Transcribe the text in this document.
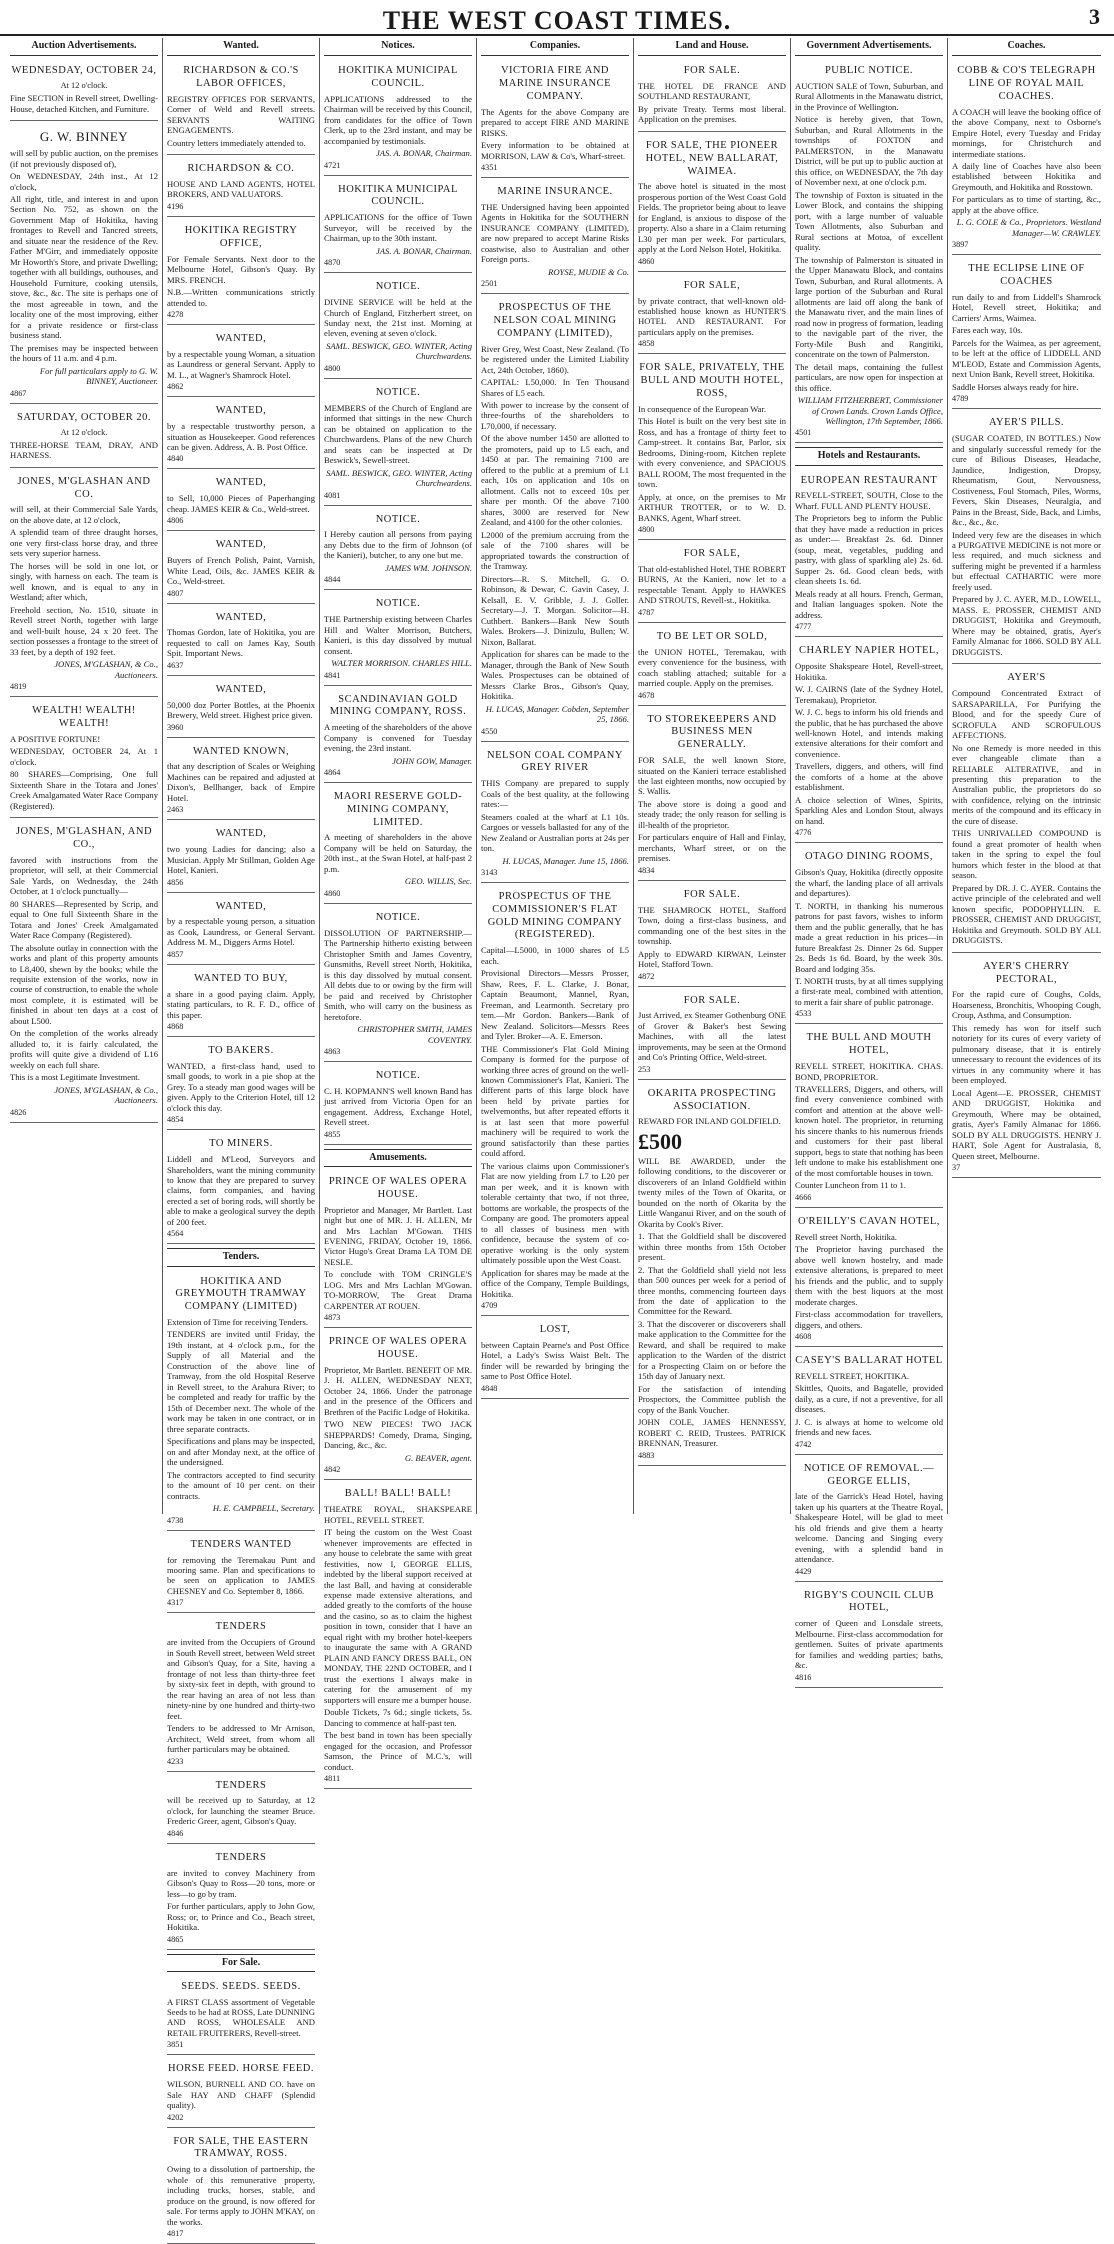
THE WEST COAST TIMES.	3
Auction Advertisements.
WEDNESDAY, OCTOBER 24,
At 12 o'clock.

Fine SECTION in Revell street, Dwelling-House, detached Kitchen, and Furniture.

G. W. BINNEY

will sell by public auction, on the premises (if not previously disposed of),

On WEDNESDAY, 24th inst., At 12 o'clock,

All right, title, and interest in and upon Section No. 752, as shown on the Government Map of Hokitika, having frontages to Revell and Tancred streets, and situate near the residence of the Rev. Father M'Girr, and immediately opposite Mr Howorth's Store, and private Dwelling; together with all buildings, outhouses, and Household Furniture, cooking utensils, stove, &c., &c. The site is perhaps one of the most agreeable in town, and the locality one of the most improving, either for a private residence or first-class business stand.

The premises may be inspected between the hours of 11 a.m. and 4 p.m.

For full particulars apply to G. W. BINNEY, Auctioneer.
4867
SATURDAY, OCTOBER 20.
At 12 o'clock.

THREE-HORSE TEAM, DRAY, AND HARNESS.

JONES, M'GLASHAN AND CO.

will sell, at their Commercial Sale Yards, on the above date, at 12 o'clock,

A splendid team of three draught horses, one very first-class horse dray, and three sets very superior harness.

The horses will be sold in one lot, or singly, with harness on each. The team is well known, and is equal to any in Westland; after which,

Freehold section, No. 1510, situate in Revell street North, together with large and well-built house, 24 x 20 feet. The section possesses a frontage to the street of 33 feet, by a depth of 192 feet.

JONES, M'GLASHAN, & Co., Auctioneers.
4819
WEALTH! WEALTH! WEALTH!

A POSITIVE FORTUNE!

WEDNESDAY, OCTOBER 24, At 1 o'clock.

80 SHARES—Comprising, One full Sixteenth Share in the Totara and Jones' Creek Amalgamated Water Race Company (Registered).

JONES, M'GLASHAN, AND CO.,

favored with instructions from the proprietor, will sell, at their Commercial Sale Yards, on Wednesday, the 24th October, at 1 o'clock punctually—

80 SHARES—Represented by Scrip, and equal to One full Sixteenth Share in the Totara and Jones' Creek Amalgamated Water Race Company (Registered).

The absolute outlay in connection with the works and plant of this property amounts to L8,400, shewn by the books; while the requisite extension of the works, now in course of construction, to enable the whole most complete, it is estimated will be finished in about ten days at a cost of about L500.

On the completion of the works already alluded to, it is fairly calculated, the profits will quite give a dividend of L16 weekly on each full share.

This is a most Legitimate Investment.

JONES, M'GLASHAN, & Co., Auctioneers.
4826
Wanted.
RICHARDSON & CO.'S LABOR OFFICES,

REGISTRY OFFICES FOR SERVANTS, Corner of Weld and Revell streets. SERVANTS WAITING ENGAGEMENTS.

Country letters immediately attended to.

RICHARDSON & CO.

HOUSE AND LAND AGENTS, HOTEL BROKERS, AND VALUATORS.

4196
HOKITIKA REGISTRY OFFICE,

For Female Servants. Next door to the Melbourne Hotel, Gibson's Quay. By MRS. FRENCH.

N.B.—Written communications strictly attended to.

4278
WANTED,

by a respectable young Woman, a situation as Laundress or general Servant. Apply to M. L., at Wagner's Shamrock Hotel.

4862
WANTED,

by a respectable trustworthy person, a situation as Housekeeper. Good references can be given. Address, A. B. Post Office.

4840
WANTED,

to Sell, 10,000 Pieces of Paperhanging cheap. JAMES KEIR & Co., Weld-street.

4806
WANTED,

Buyers of French Polish, Paint, Varnish, White Lead, Oils, &c. JAMES KEIR & Co., Weld-street.

4807
WANTED,

Thomas Gordon, late of Hokitika, you are requested to call on James Kay, South Spit. Important News.

4637
WANTED,

50,000 doz Porter Bottles, at the Phoenix Brewery, Weld street. Highest price given.

3960
WANTED KNOWN,

that any description of Scales or Weighing Machines can be repaired and adjusted at Dixon's, Bellhanger, back of Empire Hotel.

2463
WANTED,

two young Ladies for dancing; also a Musician. Apply Mr Stillman, Golden Age Hotel, Kanieri.

4856
WANTED,

by a respectable young person, a situation as Cook, Laundress, or General Servant. Address M. M., Diggers Arms Hotel.

4857
WANTED TO BUY,

a share in a good paying claim. Apply, stating particulars, to R. F. D., office of this paper.

4868
TO BAKERS.

WANTED, a first-class hand, used to small goods, to work in a pie shop at the Grey. To a steady man good wages will be given. Apply to the Criterion Hotel, till 12 o'clock this day.

4854
TO MINERS.

Liddell and M'Leod, Surveyors and Shareholders, want the mining community to know that they are prepared to survey claims, form companies, and having erected a set of boring rods, will shortly be able to make a geological survey the depth of 200 feet.

4564
Tenders.
HOKITIKA AND GREYMOUTH TRAMWAY COMPANY (LIMITED)

Extension of Time for receiving Tenders.

TENDERS are invited until Friday, the 19th instant, at 4 o'clock p.m., for the Supply of all Material and the Construction of the above line of Tramway, from the old Hospital Reserve in Revell street, to the Arahura River; to be completed and ready for traffic by the 15th of December next. The whole of the work may be taken in one contract, or in three separate contracts.

Specifications and plans may be inspected, on and after Monday next, at the office of the undersigned.

The contractors accepted to find security to the amount of 10 per cent. on their contracts.

H. E. CAMPBELL, Secretary.
4738
TENDERS WANTED

for removing the Teremakau Punt and mooring same. Plan and specifications to be seen on application to JAMES CHESNEY and Co. September 8, 1866.

4317
TENDERS

are invited from the Occupiers of Ground in South Revell street, between Weld street and Gibson's Quay, for a Site, having a frontage of not less than thirty-three feet by sixty-six feet in depth, with ground to the rear having an area of not less than ninety-nine by one hundred and thirty-two feet.

Tenders to be addressed to Mr Arnison, Architect, Weld street, from whom all further particulars may be obtained.

4233
TENDERS

will be received up to Saturday, at 12 o'clock, for launching the steamer Bruce. Frederic Greer, agent, Gibson's Quay.

4846
TENDERS

are invited to convey Machinery from Gibson's Quay to Ross—20 tons, more or less—to go by tram.

For further particulars, apply to John Gow, Ross; or, to Prince and Co., Beach street, Hokitika.

4865
For Sale.
SEEDS. SEEDS. SEEDS.

A FIRST CLASS assortment of Vegetable Seeds to be had at ROSS, Late DUNNING AND ROSS, WHOLESALE AND RETAIL FRUITERERS, Revell-street.

3851
HORSE FEED. HORSE FEED.

WILSON, BURNELL AND CO. have on Sale HAY AND CHAFF (Splendid quality).

4202
FOR SALE, THE EASTERN TRAMWAY, ROSS.

Owing to a dissolution of partnership, the whole of this remunerative property, including trucks, horses, stable, and produce on the ground, is now offered for sale. For terms apply to JOHN M'KAY, on the works.

4817
Notices.
HOKITIKA MUNICIPAL COUNCIL.

APPLICATIONS addressed to the Chairman will be received by this Council, from candidates for the office of Town Clerk, up to the 23rd instant, and may be accompanied by testimonials.

JAS. A. BONAR, Chairman.
4721
HOKITIKA MUNICIPAL COUNCIL.

APPLICATIONS for the office of Town Surveyor, will be received by the Chairman, up to the 30th instant.

JAS. A. BONAR, Chairman.
4870
NOTICE.

DIVINE SERVICE will be held at the Church of England, Fitzherbert street, on Sunday next, the 21st inst. Morning at eleven, evening at seven o'clock.

SAML. BESWICK, GEO. WINTER, Acting Churchwardens.
4800
NOTICE.

MEMBERS of the Church of England are informed that sittings in the new Church can be obtained on application to the Churchwardens. Plans of the new Church and seats can be inspected at Dr Beswick's, Sewell-street.

SAML. BESWICK, GEO. WINTER, Acting Churchwardens.
4081
NOTICE.

I Hereby caution all persons from paying any Debts due to the firm of Johnson (of the Kanieri), butcher, to any one but me.

JAMES WM. JOHNSON.
4844
NOTICE.

THE Partnership existing between Charles Hill and Walter Morrison, Butchers, Kanieri, is this day dissolved by mutual consent.

WALTER MORRISON. CHARLES HILL.
4841
SCANDINAVIAN GOLD MINING COMPANY, ROSS.

A meeting of the shareholders of the above Company is convened for Tuesday evening, the 23rd instant.

JOHN GOW, Manager.
4864
MAORI RESERVE GOLD-MINING COMPANY, LIMITED.

A meeting of shareholders in the above Company will be held on Saturday, the 20th inst., at the Swan Hotel, at half-past 2 p.m.

GEO. WILLIS, Sec.
4860
NOTICE.

DISSOLUTION OF PARTNERSHIP.—The Partnership hitherto existing between Christopher Smith and James Coventry, Gunsmiths, Revell street North, Hokitika, is this day dissolved by mutual consent. All debts due to or owing by the firm will be paid and received by Christopher Smith, who will carry on the business as heretofore.

CHRISTOPHER SMITH, JAMES COVENTRY.
4863
NOTICE.

C. H. KOPMANN'S well known Band has just arrived from Victoria Open for an engagement. Address, Exchange Hotel, Revell street.

4855
Amusements.
PRINCE OF WALES OPERA HOUSE.

Proprietor and Manager, Mr Bartlett. Last night but one of MR. J. H. ALLEN, Mr and Mrs Lachlan M'Gowan. THIS EVENING, FRIDAY, October 19, 1866. Victor Hugo's Great Drama LA TOM DE NESLE.

To conclude with TOM CRINGLE'S LOG. Mrs and Mrs Lachlan M'Gowan. TO-MORROW, The Great Drama CARPENTER AT ROUEN.

4873
PRINCE OF WALES OPERA HOUSE.

Proprietor, Mr Bartlett. BENEFIT OF MR. J. H. ALLEN, WEDNESDAY NEXT, October 24, 1866. Under the patronage and in the presence of the Officers and Brethren of the Pacific Lodge of Hokitika.

TWO NEW PIECES! TWO JACK SHEPPARDS! Comedy, Drama, Singing, Dancing, &c., &c.

G. BEAVER, agent.
4842
BALL! BALL! BALL!

THEATRE ROYAL, SHAKSPEARE HOTEL, REVELL STREET.

IT being the custom on the West Coast whenever improvements are effected in any house to celebrate the same with great festivities, now I, GEORGE ELLIS, indebted by the liberal support received at the last Ball, and having at considerable expense made extensive alterations, and added greatly to the comforts of the house and the casino, so as to claim the highest position in town, consider that I have an equal right with my brother hotel-keepers to inaugurate the same with A GRAND PLAIN AND FANCY DRESS BALL, ON MONDAY, THE 22ND OCTOBER, and I trust the exertions I always make in catering for the amusement of my supporters will ensure me a bumper house.

Double Tickets, 7s 6d.; single tickets, 5s. Dancing to commence at half-past ten.

The best band in town has been specially engaged for the occasion, and Professor Samson, the Prince of M.C.'s, will conduct.

4811
Companies.
VICTORIA FIRE AND MARINE INSURANCE COMPANY.

The Agents for the above Company are prepared to accept FIRE AND MARINE RISKS.

Every information to be obtained at MORRISON, LAW & Co's, Wharf-street.

4351
MARINE INSURANCE.

THE Undersigned having been appointed Agents in Hokitika for the SOUTHERN INSURANCE COMPANY (LIMITED), are now prepared to accept Marine Risks coastwise, also to Australian and other Foreign ports.

ROYSE, MUDIE & Co.
2501
PROSPECTUS OF THE NELSON COAL MINING COMPANY (LIMITED),

River Grey, West Coast, New Zealand. (To be registered under the Limited Liability Act, 24th October, 1860).

CAPITAL: L50,000. In Ten Thousand Shares of L5 each.

With power to increase by the consent of three-fourths of the shareholders to L70,000, if necessary.

Of the above number 1450 are allotted to the promoters, paid up to L5 each, and 1450 at par. The remaining 7100 are offered to the public at a premium of L1 each, 10s on application and 10s on allotment. Calls not to exceed 10s per share per month. Of the above 7100 shares, 3000 are reserved for New Zealand, and 4100 for the other colonies.

L2000 of the premium accruing from the sale of the 7100 shares will be appropriated towards the construction of the Tramway.

Directors—R. S. Mitchell, G. O. Robinson, & Dewar, C. Gavin Casey, J. Kelsall, E. V. Gribble, J. J. Goller. Secretary—J. T. Morgan. Solicitor—H. Cuthbert. Bankers—Bank New South Wales. Brokers—J. Dinizulu, Bullen; W. Nixon, Ballarat.

Application for shares can be made to the Manager, through the Bank of New South Wales. Prospectuses can be obtained of Messrs Clarke Bros., Gibson's Quay, Hokitika.

H. LUCAS, Manager. Cobden, September 25, 1866.
4550
NELSON COAL COMPANY GREY RIVER

THIS Company are prepared to supply Coals of the best quality, at the following rates:—

Steamers coaled at the wharf at L1 10s. Cargoes or vessels ballasted for any of the New Zealand or Australian ports at 24s per ton.

H. LUCAS, Manager. June 15, 1866.
3143
PROSPECTUS OF THE COMMISSIONER'S FLAT GOLD MINING COMPANY (REGISTERED).

Capital—L5000, in 1000 shares of L5 each.

Provisional Directors—Messrs Prosser, Shaw, Rees, F. L. Clarke, J. Bonar, Captain Beaumont, Mannel, Ryan, Freeman, and Learmonth. Secretary pro tem.—Mr Gordon. Bankers—Bank of New Zealand. Solicitors—Messrs Rees and Tyler. Broker—A. E. Emerson.

THE Commissioner's Flat Gold Mining Company is formed for the purpose of working three acres of ground on the well-known Commissioner's Flat, Kanieri. The different parts of this large block have been held by private parties for twelvemonths, but after repeated efforts it is at last seen that more powerful machinery will be required to work the ground satisfactorily than these parties could afford.

The various claims upon Commissioner's Flat are now yielding from L7 to L20 per man per week, and it is known with tolerable certainty that two, if not three, bottoms are workable, the prospects of the Company are good. The promoters appeal to all classes of business men with confidence, because the system of co-operative working is the only system ultimately possible upon the West Coast.

Application for shares may be made at the office of the Company, Temple Buildings, Hokitika.

4709
LOST,

between Captain Pearne's and Post Office Hotel, a Lady's Swiss Waist Belt. The finder will be rewarded by bringing the same to Post Office Hotel.

4848
Land and House.
FOR SALE.

THE HOTEL DE FRANCE AND SOUTHLAND RESTAURANT,

By private Treaty. Terms most liberal. Application on the premises.

FOR SALE, THE PIONEER HOTEL, NEW BALLARAT, WAIMEA.

The above hotel is situated in the most prosperous portion of the West Coast Gold Fields. The proprietor being about to leave for England, is anxious to dispose of the property. Also a share in a Claim returning L30 per man per week. For particulars, apply at the Lord Nelson Hotel, Hokitika.

4860
FOR SALE,

by private contract, that well-known old-established house known as HUNTER'S HOTEL AND RESTAURANT. For particulars apply on the premises.

4858
FOR SALE, PRIVATELY, THE BULL AND MOUTH HOTEL, ROSS,

In consequence of the European War.

This Hotel is built on the very best site in Ross, and has a frontage of thirty feet to Camp-street. It contains Bar, Parlor, six Bedrooms, Dining-room, Kitchen replete with every convenience, and SPACIOUS BALL ROOM, The most frequented in the town.

Apply, at once, on the premises to Mr ARTHUR TROTTER, or to W. D. BANKS, Agent, Wharf street.

4800
FOR SALE,

That old-established Hotel, THE ROBERT BURNS, At the Kanieri, now let to a respectable Tenant. Apply to HAWKES AND STROUTS, Revell-st., Hokitika.

4787
TO BE LET OR SOLD,

the UNION HOTEL, Teremakau, with every convenience for the business, with coach stabling attached; suitable for a married couple. Apply on the premises.

4678
TO STOREKEEPERS AND BUSINESS MEN GENERALLY.

FOR SALE, the well known Store, situated on the Kanieri terrace established the last eighteen months, now occupied by S. Wallis.

The above store is doing a good and steady trade; the only reason for selling is ill-health of the proprietor.

For particulars enquire of Hall and Finlay, merchants, Wharf street, or on the premises.

4834
FOR SALE.

THE SHAMROCK HOTEL, Stafford Town, doing a first-class business, and commanding one of the best sites in the township.

Apply to EDWARD KIRWAN, Leinster Hotel, Stafford Town.

4872
FOR SALE.

Just Arrived, ex Steamer Gothenburg ONE of Grover & Baker's best Sewing Machines, with all the latest improvements, may be seen at the Ormond and Co's Printing Office, Weld-street.

253
OKARITA PROSPECTING ASSOCIATION.

REWARD FOR INLAND GOLDFIELD.

£500

WILL BE AWARDED, under the following conditions, to the discoverer or discoverers of an Inland Goldfield within twenty miles of the Town of Okarita, or bounded on the north of Okarita by the Little Wanganui River, and on the south of Okarita by Cook's River.

1. That the Goldfield shall be discovered within three months from 15th October present.

2. That the Goldfield shall yield not less than 500 ounces per week for a period of three months, commencing fourteen days from the date of application to the Committee for the Reward.

3. That the discoverer or discoverers shall make application to the Committee for the Reward, and shall be required to make application to the Warden of the district for a Prospecting Claim on or before the 15th day of January next.

For the satisfaction of intending Prospectors, the Committee publish the copy of the Bank Voucher.

JOHN COLE, JAMES HENNESSY, ROBERT C. REID, Trustees. PATRICK BRENNAN, Treasurer.

4883
Government Advertisements.
PUBLIC NOTICE.

AUCTION SALE of Town, Suburban, and Rural Allotments in the Manawatu district, in the Province of Wellington.

Notice is hereby given, that Town, Suburban, and Rural Allotments in the townships of FOXTON and PALMERSTON, in the Manawatu District, will be put up to public auction at this office, on WEDNESDAY, the 7th day of November next, at one o'clock p.m.

The township of Foxton is situated in the Lower Block, and contains the shipping port, with a large number of valuable Town Allotments, also Suburban and Rural sections at Motoa, of excellent quality.

The township of Palmerston is situated in the Upper Manawatu Block, and contains Town, Suburban, and Rural allotments. A large portion of the Suburban and Rural allotments are laid off along the bank of the Manawatu river, and the main lines of road now in progress of formation, leading to the navigable part of the river, the Forty-Mile Bush and Rangitiki, concentrate on the town of Palmerston.

The detail maps, containing the fullest particulars, are now open for inspection at this office.

WILLIAM FITZHERBERT, Commissioner of Crown Lands. Crown Lands Office, Wellington, 17th September, 1866.
4501
Hotels and Restaurants.
EUROPEAN RESTAURANT

REVELL-STREET, SOUTH, Close to the Wharf. FULL AND PLENTY HOUSE.

The Proprietors beg to inform the Public that they have made a reduction in prices as under:— Breakfast 2s. 6d. Dinner (soup, meat, vegetables, pudding and pastry, with glass of sparkling ale) 2s. 6d. Supper 2s. 6d. Good clean beds, with clean sheets 1s. 6d.

Meals ready at all hours. French, German, and Italian languages spoken. Note the address.

4777
CHARLEY NAPIER HOTEL,

Opposite Shakspeare Hotel, Revell-street, Hokitika.

W. J. CAIRNS (late of the Sydney Hotel, Teremakau), Proprietor.

W. J. C. begs to inform his old friends and the public, that he has purchased the above well-known Hotel, and intends making extensive alterations for their comfort and convenience.

Travellers, diggers, and others, will find the comforts of a home at the above establishment.

A choice selection of Wines, Spirits, Sparkling Ales and London Stout, always on hand.

4776
OTAGO DINING ROOMS,

Gibson's Quay, Hokitika (directly opposite the wharf, the landing place of all arrivals and departures).

T. NORTH, in thanking his numerous patrons for past favors, wishes to inform them and the public generally, that he has made a great reduction in his prices—in future Breakfast 2s. Dinner 2s 6d. Supper 2s. Beds 1s 6d. Board, by the week 30s. Board and lodging 35s.

T. NORTH trusts, by at all times supplying a first-rate meal, combined with attention, to merit a fair share of public patronage.

4533
THE BULL AND MOUTH HOTEL,

REVELL STREET, HOKITIKA. CHAS. BOND, PROPRIETOR.

TRAVELLERS, Diggers, and others, will find every convenience combined with comfort and attention at the above well-known hotel. The proprietor, in returning his sincere thanks to his numerous friends and customers for their past liberal support, begs to state that nothing has been left undone to make his establishment one of the most comfortable houses in town.

Counter Luncheon from 11 to 1.

4666
O'REILLY'S CAVAN HOTEL,

Revell street North, Hokitika.

The Proprietor having purchased the above well known hostelry, and made extensive alterations, is prepared to meet his friends and the public, and to supply them with the best liquors at the most moderate charges.

First-class accommodation for travellers, diggers, and others.

4608
CASEY'S BALLARAT HOTEL

REVELL STREET, HOKITIKA.

Skittles, Quoits, and Bagatelle, provided daily, as a cure, if not a preventive, for all diseases.

J. C. is always at home to welcome old friends and new faces.

4742
NOTICE OF REMOVAL.—GEORGE ELLIS,

late of the Garrick's Head Hotel, having taken up his quarters at the Theatre Royal, Shakespeare Hotel, will be glad to meet his old friends and give them a hearty welcome. Dancing and Singing every evening, with a splendid band in attendance.

4429
RIGBY'S COUNCIL CLUB HOTEL,

corner of Queen and Lonsdale streets, Melbourne. First-class accommodation for gentlemen. Suites of private apartments for families and wedding parties; baths, &c.

4816
Coaches.
COBB & CO'S TELEGRAPH LINE OF ROYAL MAIL COACHES.

A COACH will leave the booking office of the above Company, next to Osborne's Empire Hotel, every Tuesday and Friday mornings, for Christchurch and intermediate stations.

A daily line of Coaches have also been established between Hokitika and Greymouth, and Hokitika and Rosstown.

For particulars as to time of starting, &c., apply at the above office.

L. G. COLE & Co., Proprietors. Westland Manager—W. CRAWLEY.
3897
THE ECLIPSE LINE OF COACHES

run daily to and from Liddell's Shamrock Hotel, Revell street, Hokitika; and Carriers' Arms, Waimea.

Fares each way, 10s.

Parcels for the Waimea, as per agreement, to be left at the office of LIDDELL AND M'LEOD, Estate and Commission Agents, next Union Bank, Revell street, Hokitika.

Saddle Horses always ready for hire.

4789
AYER'S PILLS.

(SUGAR COATED, IN BOTTLES.) Now and singularly successful remedy for the cure of Bilious Diseases, Headache, Jaundice, Indigestion, Dropsy, Rheumatism, Gout, Nervousness, Costiveness, Foul Stomach, Piles, Worms, Fevers, Skin Diseases, Neuralgia, and Pains in the Breast, Side, Back, and Limbs, &c., &c., &c.

Indeed very few are the diseases in which a PURGATIVE MEDICINE is not more or less required, and much sickness and suffering might be prevented if a harmless but effectual CATHARTIC were more freely used.

Prepared by J. C. AYER, M.D., LOWELL, MASS. E. PROSSER, CHEMIST AND DRUGGIST, Hokitika and Greymouth, Where may be obtained, gratis, Ayer's Family Almanac for 1866. SOLD BY ALL DRUGGISTS.

AYER'S

Compound Concentrated Extract of SARSAPARILLA, For Purifying the Blood, and for the speedy Cure of SCROFULA AND SCROFULOUS AFFECTIONS.

No one Remedy is more needed in this ever changeable climate than a RELIABLE ALTERATIVE, and in presenting this preparation to the Australian public, the proprietors do so with confidence, relying on the intrinsic merits of the compound and its efficacy in the cure of disease.

THIS UNRIVALLED COMPOUND is found a great promoter of health when taken in the spring to expel the foul humors which fester in the blood at that season.

Prepared by DR. J. C. AYER. Contains the active principle of the celebrated and well known specific, PODOPHYLLIN. E. PROSSER, CHEMIST AND DRUGGIST, Hokitika and Greymouth. SOLD BY ALL DRUGGISTS.

AYER'S CHERRY PECTORAL,

For the rapid cure of Coughs, Colds, Hoarseness, Bronchitis, Whooping Cough, Croup, Asthma, and Consumption.

This remedy has won for itself such notoriety for its cures of every variety of pulmonary disease, that it is entirely unnecessary to recount the evidences of its virtues in any community where it has been employed.

Local Agent—E. PROSSER, CHEMIST AND DRUGGIST, Hokitika and Greymouth, Where may be obtained, gratis, Ayer's Family Almanac for 1866. SOLD BY ALL DRUGGISTS. HENRY J. HART, Sole Agent for Australasia, 8, Queen street, Melbourne.

37
